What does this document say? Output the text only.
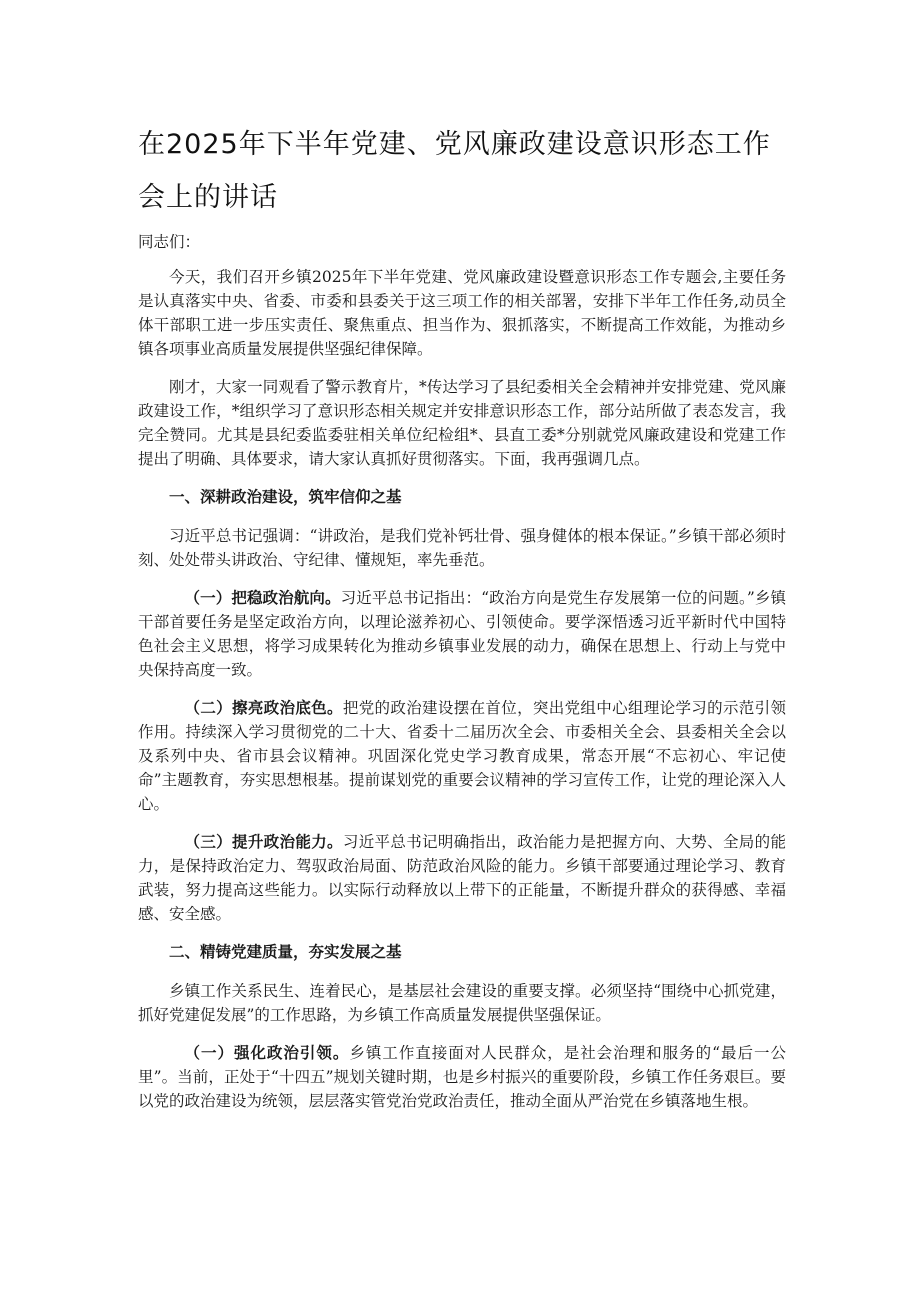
在2025年下半年党建、党风廉政建设意识形态工作
会上的讲话

同志们：

今天，我们召开乡镇2025年下半年党建、党风廉政建设暨意识形态工作专题会,主要任务是认真落实中央、省委、市委和县委关于这三项工作的相关部署，安排下半年工作任务,动员全体干部职工进一步压实责任、聚焦重点、担当作为、狠抓落实，不断提高工作效能，为推动乡镇各项事业高质量发展提供坚强纪律保障。

刚才，大家一同观看了警示教育片，*传达学习了县纪委相关全会精神并安排党建、党风廉政建设工作，*组织学习了意识形态相关规定并安排意识形态工作，部分站所做了表态发言，我完全赞同。尤其是县纪委监委驻相关单位纪检组*、县直工委*分别就党风廉政建设和党建工作提出了明确、具体要求，请大家认真抓好贯彻落实。下面，我再强调几点。

一、深耕政治建设，筑牢信仰之基

习近平总书记强调：“讲政治，是我们党补钙壮骨、强身健体的根本保证。”乡镇干部必须时刻、处处带头讲政治、守纪律、懂规矩，率先垂范。

（一）把稳政治航向。习近平总书记指出：“政治方向是党生存发展第一位的问题。”乡镇干部首要任务是坚定政治方向，以理论滋养初心、引领使命。要学深悟透习近平新时代中国特色社会主义思想，将学习成果转化为推动乡镇事业发展的动力，确保在思想上、行动上与党中央保持高度一致。

（二）擦亮政治底色。把党的政治建设摆在首位，突出党组中心组理论学习的示范引领作用。持续深入学习贯彻党的二十大、省委十二届历次全会、市委相关全会、县委相关全会以及系列中央、省市县会议精神。巩固深化党史学习教育成果，常态开展“不忘初心、牢记使命”主题教育，夯实思想根基。提前谋划党的重要会议精神的学习宣传工作，让党的理论深入人心。

（三）提升政治能力。习近平总书记明确指出，政治能力是把握方向、大势、全局的能力，是保持政治定力、驾驭政治局面、防范政治风险的能力。乡镇干部要通过理论学习、教育武装，努力提高这些能力。以实际行动释放以上带下的正能量，不断提升群众的获得感、幸福感、安全感。

二、精铸党建质量，夯实发展之基

乡镇工作关系民生、连着民心，是基层社会建设的重要支撑。必须坚持“围绕中心抓党建，抓好党建促发展”的工作思路，为乡镇工作高质量发展提供坚强保证。

（一）强化政治引领。乡镇工作直接面对人民群众，是社会治理和服务的“最后一公里”。当前，正处于“十四五”规划关键时期，也是乡村振兴的重要阶段，乡镇工作任务艰巨。要以党的政治建设为统领，层层落实管党治党政治责任，推动全面从严治党在乡镇落地生根。
